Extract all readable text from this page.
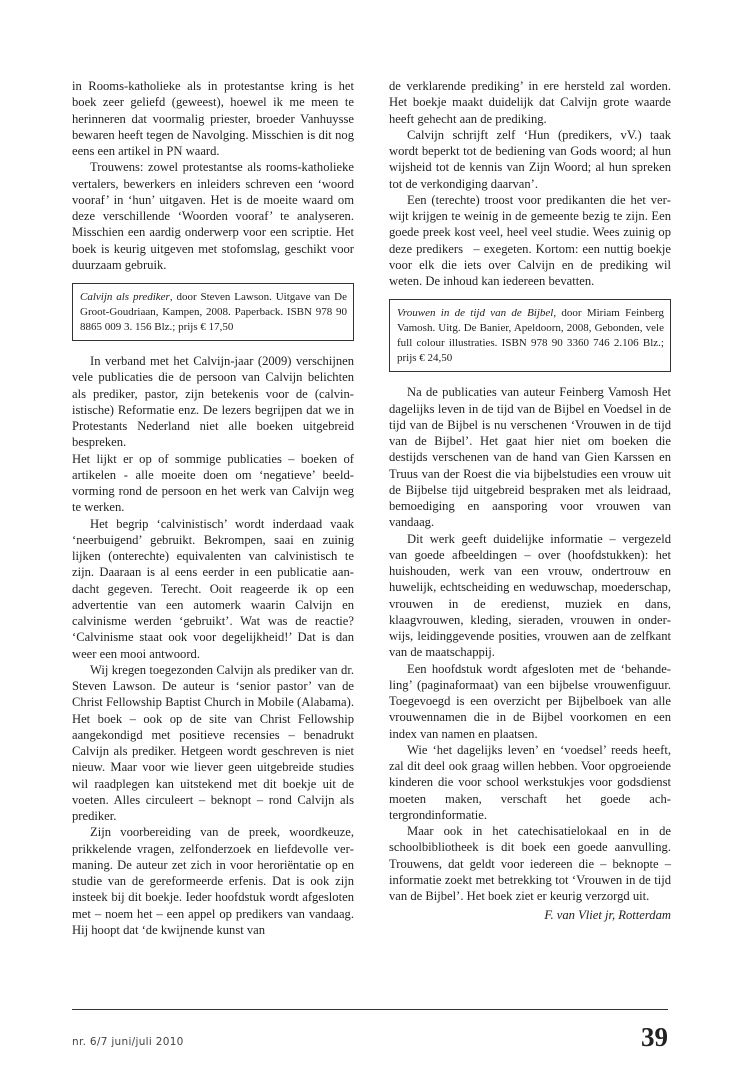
in Rooms-katholieke als in protestantse kring is het boek zeer geliefd (geweest), hoewel ik me meen te herinneren dat voormalig priester, broeder Vanhuysse bewaren heeft tegen de Navolging. Misschien is dit nog eens een artikel in PN waard.

Trouwens: zowel protestantse als rooms-katholieke vertalers, bewerkers en inleiders schreven een ‘woord vooraf’ in ‘hun’ uitgaven. Het is de moeite waard om deze verschillende ‘Woorden vooraf’ te analyseren. Misschien een aardig onderwerp voor een scriptie. Het boek is keurig uitgeven met stofomslag, geschikt voor duurzaam gebruik.

Calvijn als prediker, door Steven Lawson. Uitgave van De Groot-Goudriaan, Kampen, 2008. Paperback. ISBN 978 90 8865 009 3. 156 Blz.; prijs € 17,50

In verband met het Calvijn-jaar (2009) verschijnen vele publicaties die de persoon van Calvijn belichten als prediker, pastor, zijn betekenis voor de (calvinistische) Reformatie enz. De lezers begrijpen dat we in Protestants Nederland niet alle boeken uitgebreid bespreken.

Het lijkt er op of sommige publicaties – boeken of artikelen - alle moeite doen om ‘negatieve’ beeldvorming rond de persoon en het werk van Calvijn weg te werken.

Het begrip ‘calvinistisch’ wordt inderdaad vaak ‘neerbuigend’ gebruikt. Bekrompen, saai en zuinig lijken (onterechte) equivalenten van calvinistisch te zijn. Daaraan is al eens eerder in een publicatie aandacht gegeven. Terecht. Ooit reageerde ik op een advertentie van een automerk waarin Calvijn en calvinisme werden ‘gebruikt’. Wat was de reactie? ‘Calvinisme staat ook voor degelijkheid!’ Dat is dan weer een mooi antwoord.

Wij kregen toegezonden Calvijn als prediker van dr. Steven Lawson. De auteur is ‘senior pastor’ van de Christ Fellowship Baptist Church in Mobile (Alabama). Het boek – ook op de site van Christ Fellowship aangekondigd met positieve recensies – benadrukt Calvijn als prediker. Hetgeen wordt geschreven is niet nieuw. Maar voor wie liever geen uitgebreide studies wil raadplegen kan uitstekend met dit boekje uit de voeten. Alles circuleert – beknopt – rond Calvijn als prediker.

Zijn voorbereiding van de preek, woordkeuze, prikkelende vragen, zelfonderzoek en liefdevolle vermaning. De auteur zet zich in voor heroriëntatie op en studie van de gereformeerde erfenis. Dat is ook zijn insteek bij dit boekje. Ieder hoofdstuk wordt afgesloten met – noem het – een appel op predikers van vandaag. Hij hoopt dat ‘de kwijnende kunst van

de verklarende prediking’ in ere hersteld zal worden. Het boekje maakt duidelijk dat Calvijn grote waarde heeft gehecht aan de prediking.

Calvijn schrijft zelf ‘Hun (predikers, vV.) taak wordt beperkt tot de bediening van Gods woord; al hun wijsheid tot de kennis van Zijn Woord; al hun spreken tot de verkondiging daarvan’.

Een (terechte) troost voor predikanten die het verwijt krijgen te weinig in de gemeente bezig te zijn. Een goede preek kost veel, heel veel studie. Wees zuinig op deze predikers  – exegeten. Kortom: een nuttig boekje voor elk die iets over Calvijn en de prediking wil weten. De inhoud kan iedereen bevatten.

Vrouwen in de tijd van de Bijbel, door Miriam Feinberg Vamosh. Uitg. De Banier, Apeldoorn, 2008, Gebonden, vele full colour illustraties. ISBN 978 90 3360 746 2.106 Blz.; prijs € 24,50

Na de publicaties van auteur Feinberg Vamosh Het dagelijks leven in de tijd van de Bijbel en Voedsel in de tijd van de Bijbel is nu verschenen ‘Vrouwen in de tijd van de Bijbel’. Het gaat hier niet om boeken die destijds verschenen van de hand van Gien Karssen en Truus van der Roest die via bijbelstudies een vrouw uit de Bijbelse tijd uitgebreid bespraken met als leidraad, bemoediging en aansporing voor vrouwen van vandaag.

Dit werk geeft duidelijke informatie – vergezeld van goede afbeeldingen – over (hoofdstukken): het huishouden, werk van een vrouw, ondertrouw en huwelijk, echtscheiding en weduwschap, moederschap, vrouwen in de eredienst, muziek en dans, klaagvrouwen, kleding, sieraden, vrouwen in onderwijs, leidinggevende posities, vrouwen aan de zelfkant van de maatschappij.

Een hoofdstuk wordt afgesloten met de ‘behandeling’ (paginaformaat) van een bijbelse vrouwenfiguur. Toegevoegd is een overzicht per Bijbelboek van alle vrouwennamen die in de Bijbel voorkomen en een index van namen en plaatsen.

Wie ‘het dagelijks leven’ en ‘voedsel’ reeds heeft, zal dit deel ook graag willen hebben. Voor opgroeiende kinderen die voor school werkstukjes voor godsdienst moeten maken, verschaft het goede achtergrondinformatie.

Maar ook in het catechisatielokaal en in de schoolbibliotheek is dit boek een goede aanvulling. Trouwens, dat geldt voor iedereen die – beknopte – informatie zoekt met betrekking tot ‘Vrouwen in de tijd van de Bijbel’. Het boek ziet er keurig verzorgd uit.

F. van Vliet jr, Rotterdam
nr. 6/7 juni/juli 2010	39
